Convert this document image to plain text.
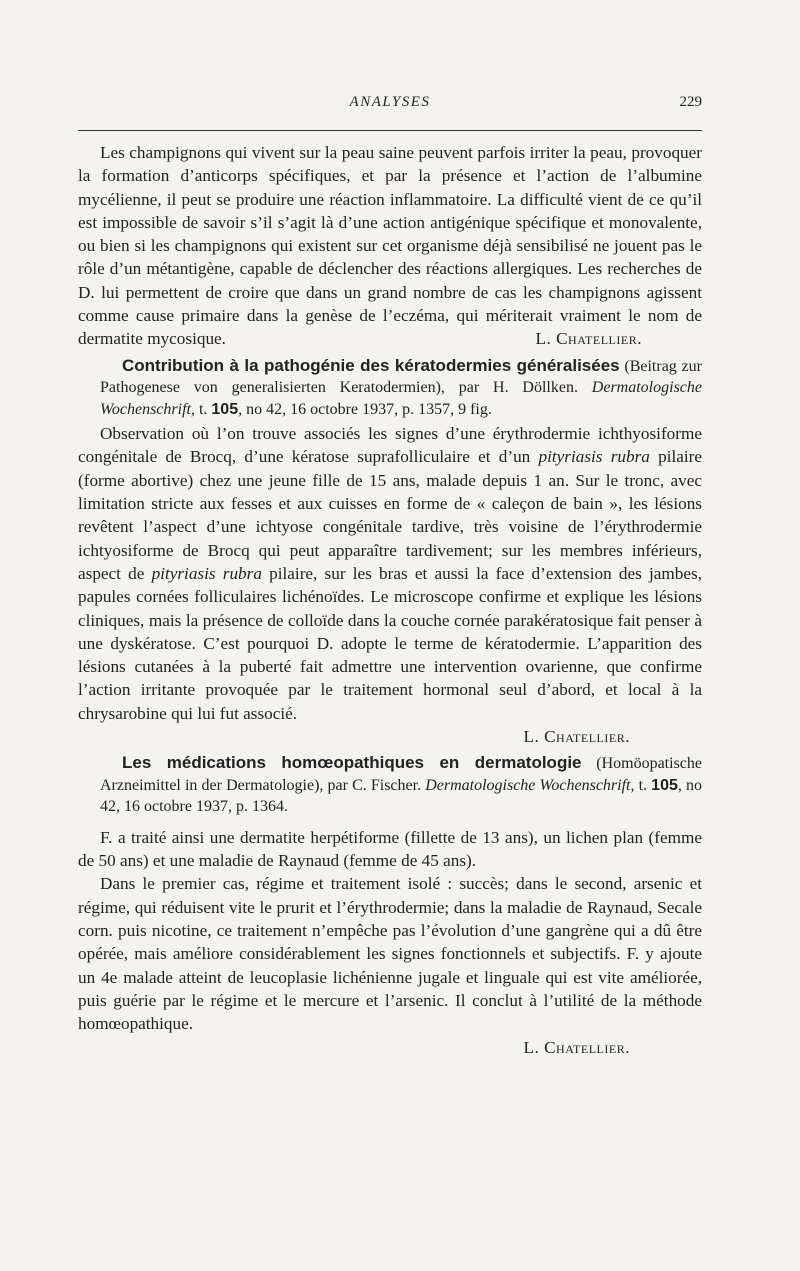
ANALYSES	229

Les champignons qui vivent sur la peau saine peuvent parfois irriter la peau, provoquer la formation d’anticorps spécifiques, et par la présence et l’action de l’albumine mycélienne, il peut se produire une réaction inflammatoire. La difficulté vient de ce qu’il est impossible de savoir s’il s’agit là d’une action antigénique spécifique et monovalente, ou bien si les champignons qui existent sur cet organisme déjà sensibilisé ne jouent pas le rôle d’un métantigène, capable de déclencher des réactions allergiques. Les recherches de D. lui permettent de croire que dans un grand nombre de cas les champignons agissent comme cause primaire dans la genèse de l’eczéma, qui mériterait vraiment le nom de dermatite mycosique.	L. Chatellier.

Contribution à la pathogénie des kératodermies généralisées (Beitrag zur Pathogenese von generalisierten Keratodermien), par H. Döllken. Dermatologische Wochenschrift, t. 105, no 42, 16 octobre 1937, p. 1357, 9 fig.

Observation où l’on trouve associés les signes d’une érythrodermie ichthyosiforme congénitale de Brocq, d’une kératose suprafolliculaire et d’un pityriasis rubra pilaire (forme abortive) chez une jeune fille de 15 ans, malade depuis 1 an. Sur le tronc, avec limitation stricte aux fesses et aux cuisses en forme de « caleçon de bain », les lésions revêtent l’aspect d’une ichtyose congénitale tardive, très voisine de l’érythrodermie ichtyosiforme de Brocq qui peut apparaître tardivement; sur les membres inférieurs, aspect de pityriasis rubra pilaire, sur les bras et aussi la face d’extension des jambes, papules cornées folliculaires lichénoïdes. Le microscope confirme et explique les lésions cliniques, mais la présence de colloïde dans la couche cornée parakératosique fait penser à une dyskératose. C’est pourquoi D. adopte le terme de kératodermie. L’apparition des lésions cutanées à la puberté fait admettre une intervention ovarienne, que confirme l’action irritante provoquée par le traitement hormonal seul d’abord, et local à la chrysarobine qui lui fut associé.

L. Chatellier.

Les médications homœopathiques en dermatologie (Homöopatische Arzneimittel in der Dermatologie), par C. Fischer. Dermatologische Wochenschrift, t. 105, no 42, 16 octobre 1937, p. 1364.

F. a traité ainsi une dermatite herpétiforme (fillette de 13 ans), un lichen plan (femme de 50 ans) et une maladie de Raynaud (femme de 45 ans).

Dans le premier cas, régime et traitement isolé : succès; dans le second, arsenic et régime, qui réduisent vite le prurit et l’érythrodermie; dans la maladie de Raynaud, Secale corn. puis nicotine, ce traitement n’empêche pas l’évolution d’une gangrène qui a dû être opérée, mais améliore considérablement les signes fonctionnels et subjectifs. F. y ajoute un 4e malade atteint de leucoplasie lichénienne jugale et linguale qui est vite améliorée, puis guérie par le régime et le mercure et l’arsenic. Il conclut à l’utilité de la méthode homœopathique.

L. Chatellier.
